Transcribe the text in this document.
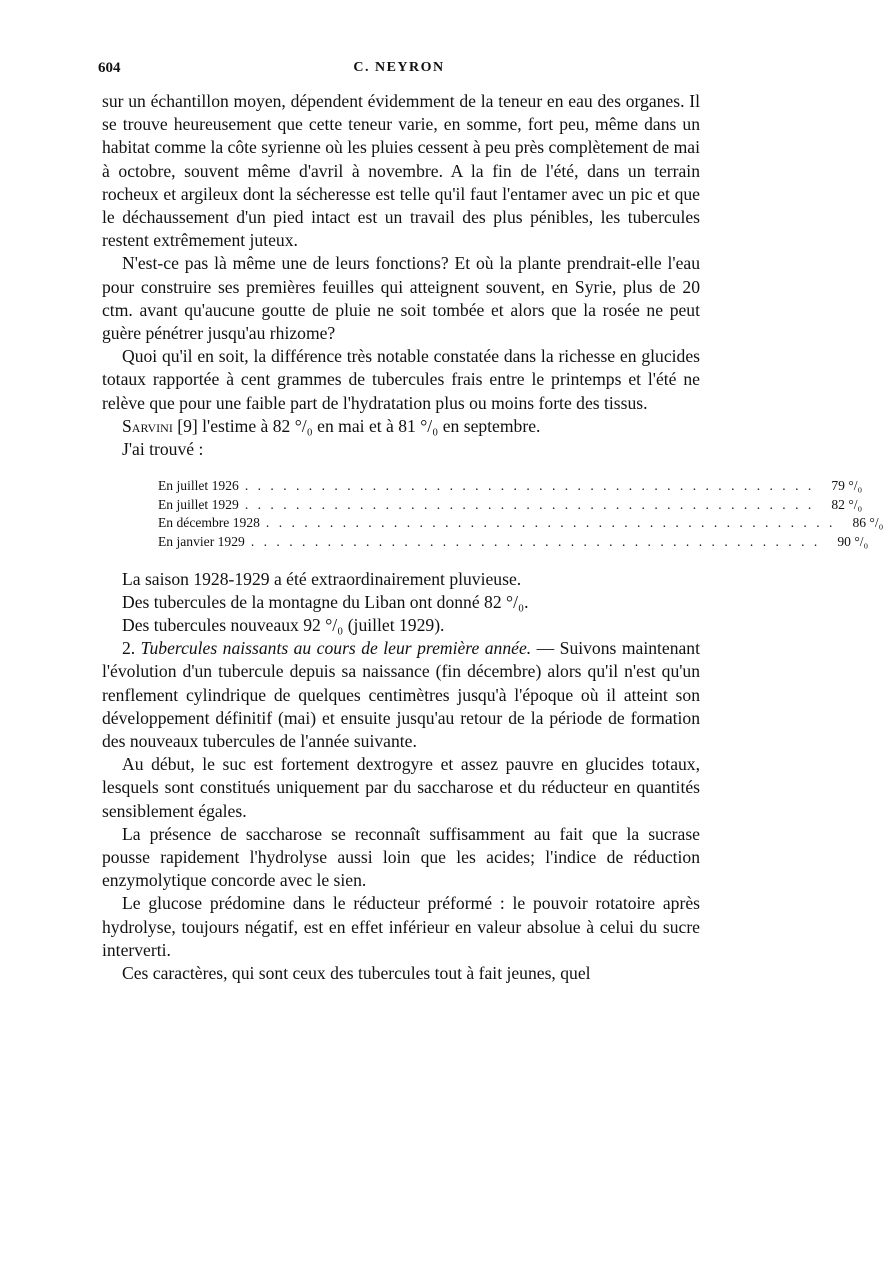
604	C. NEYRON

sur un échantillon moyen, dépendent évidemment de la teneur en eau des organes. Il se trouve heureusement que cette teneur varie, en somme, fort peu, même dans un habitat comme la côte syrienne où les pluies cessent à peu près complètement de mai à octobre, souvent même d'avril à novembre. A la fin de l'été, dans un terrain rocheux et argileux dont la sécheresse est telle qu'il faut l'entamer avec un pic et que le déchaussement d'un pied intact est un travail des plus pénibles, les tubercules restent extrêmement juteux.

N'est-ce pas là même une de leurs fonctions? Et où la plante prendrait-elle l'eau pour construire ses premières feuilles qui atteignent souvent, en Syrie, plus de 20 ctm. avant qu'aucune goutte de pluie ne soit tombée et alors que la rosée ne peut guère pénétrer jusqu'au rhizome?

Quoi qu'il en soit, la différence très notable constatée dans la richesse en glucides totaux rapportée à cent grammes de tubercules frais entre le printemps et l'été ne relève que pour une faible part de l'hydratation plus ou moins forte des tissus.

Sarvini [9] l'estime à 82 °/₀ en mai et à 81 °/₀ en septembre.

J'ai trouvé :

En juillet 1926 . . . . . . . . . . . . . . . . . . . . . . . . . . . . . . . . . . . . . . . . . . . . .	79 °/₀
En juillet 1929 . . . . . . . . . . . . . . . . . . . . . . . . . . . . . . . . . . . . . . . . . . . . .	82 °/₀
En décembre 1928 . . . . . . . . . . . . . . . . . . . . . . . . . . . . . . . . . . . . . . . . . . . . .	86 °/₀
En janvier 1929 . . . . . . . . . . . . . . . . . . . . . . . . . . . . . . . . . . . . . . . . . . . . .	90 °/₀
La saison 1928-1929 a été extraordinairement pluvieuse.
Des tubercules de la montagne du Liban ont donné 82 °/₀.
Des tubercules nouveaux 92 °/₀ (juillet 1929).

2. Tubercules naissants au cours de leur première année. — Suivons maintenant l'évolution d'un tubercule depuis sa naissance (fin décembre) alors qu'il n'est qu'un renflement cylindrique de quelques centimètres jusqu'à l'époque où il atteint son développement définitif (mai) et ensuite jusqu'au retour de la période de formation des nouveaux tubercules de l'année suivante.

Au début, le suc est fortement dextrogyre et assez pauvre en glucides totaux, lesquels sont constitués uniquement par du saccharose et du réducteur en quantités sensiblement égales.

La présence de saccharose se reconnaît suffisamment au fait que la sucrase pousse rapidement l'hydrolyse aussi loin que les acides; l'indice de réduction enzymolytique concorde avec le sien.

Le glucose prédomine dans le réducteur préformé : le pouvoir rotatoire après hydrolyse, toujours négatif, est en effet inférieur en valeur absolue à celui du sucre interverti.

Ces caractères, qui sont ceux des tubercules tout à fait jeunes, quel
